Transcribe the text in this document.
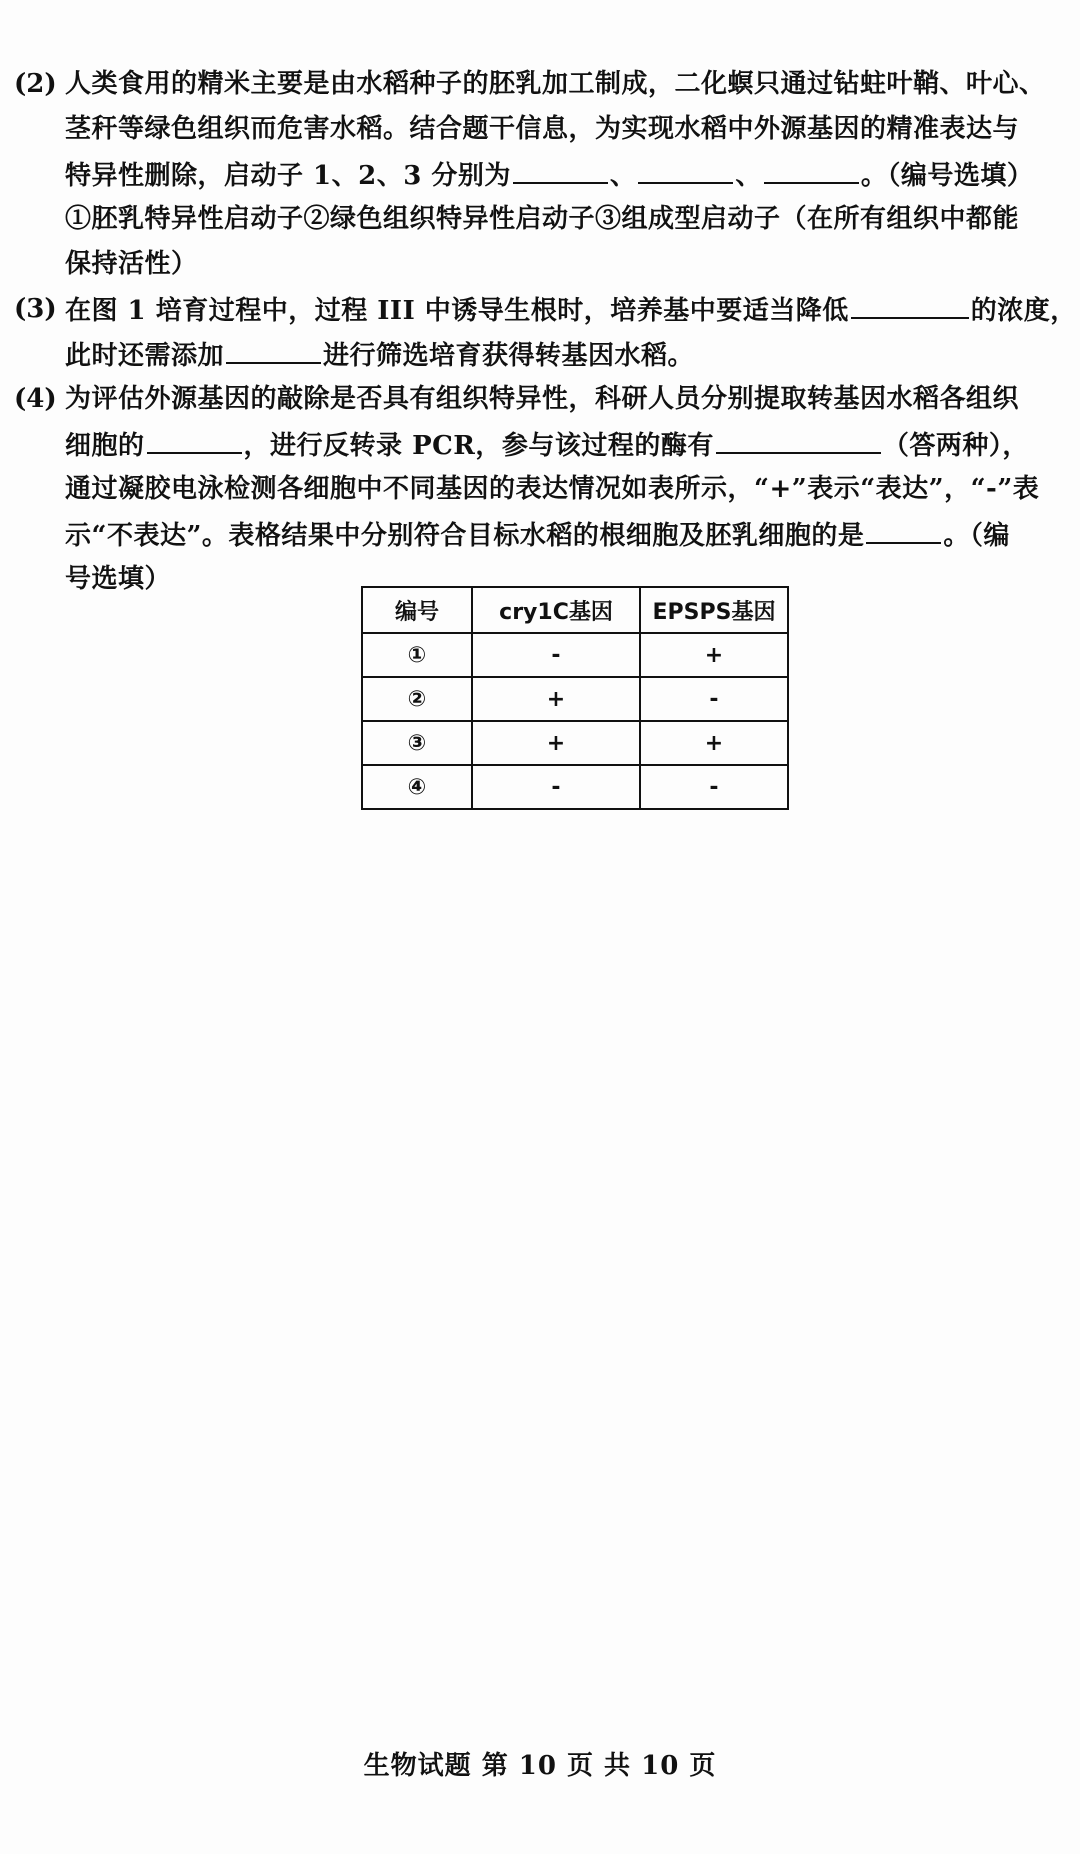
(2) 人类食用的精米主要是由水稻种子的胚乳加工制成，二化螟只通过钻蛀叶鞘、叶心、
茎秆等绿色组织而危害水稻。结合题干信息，为实现水稻中外源基因的精准表达与
特异性删除，启动子 1、2、3 分别为	、	、	。（编号选填）
①胚乳特异性启动子②绿色组织特异性启动子③组成型启动子（在所有组织中都能
保持活性）
(3) 在图 1 培育过程中，过程 III 中诱导生根时，培养基中要适当降低	的浓度，
此时还需添加	进行筛选培育获得转基因水稻。
(4) 为评估外源基因的敲除是否具有组织特异性，科研人员分别提取转基因水稻各组织
细胞的	，进行反转录 PCR，参与该过程的酶有	（答两种），
通过凝胶电泳检测各细胞中不同基因的表达情况如表所示，“+”表示“表达”，“-”表
示“不表达”。表格结果中分别符合目标水稻的根细胞及胚乳细胞的是	。（编
号选填）
编号	cry1C基因	EPSPS基因
①	-	+
②	+	-
③	+	+
④	-	-
生物试题 第 10 页 共 10 页
